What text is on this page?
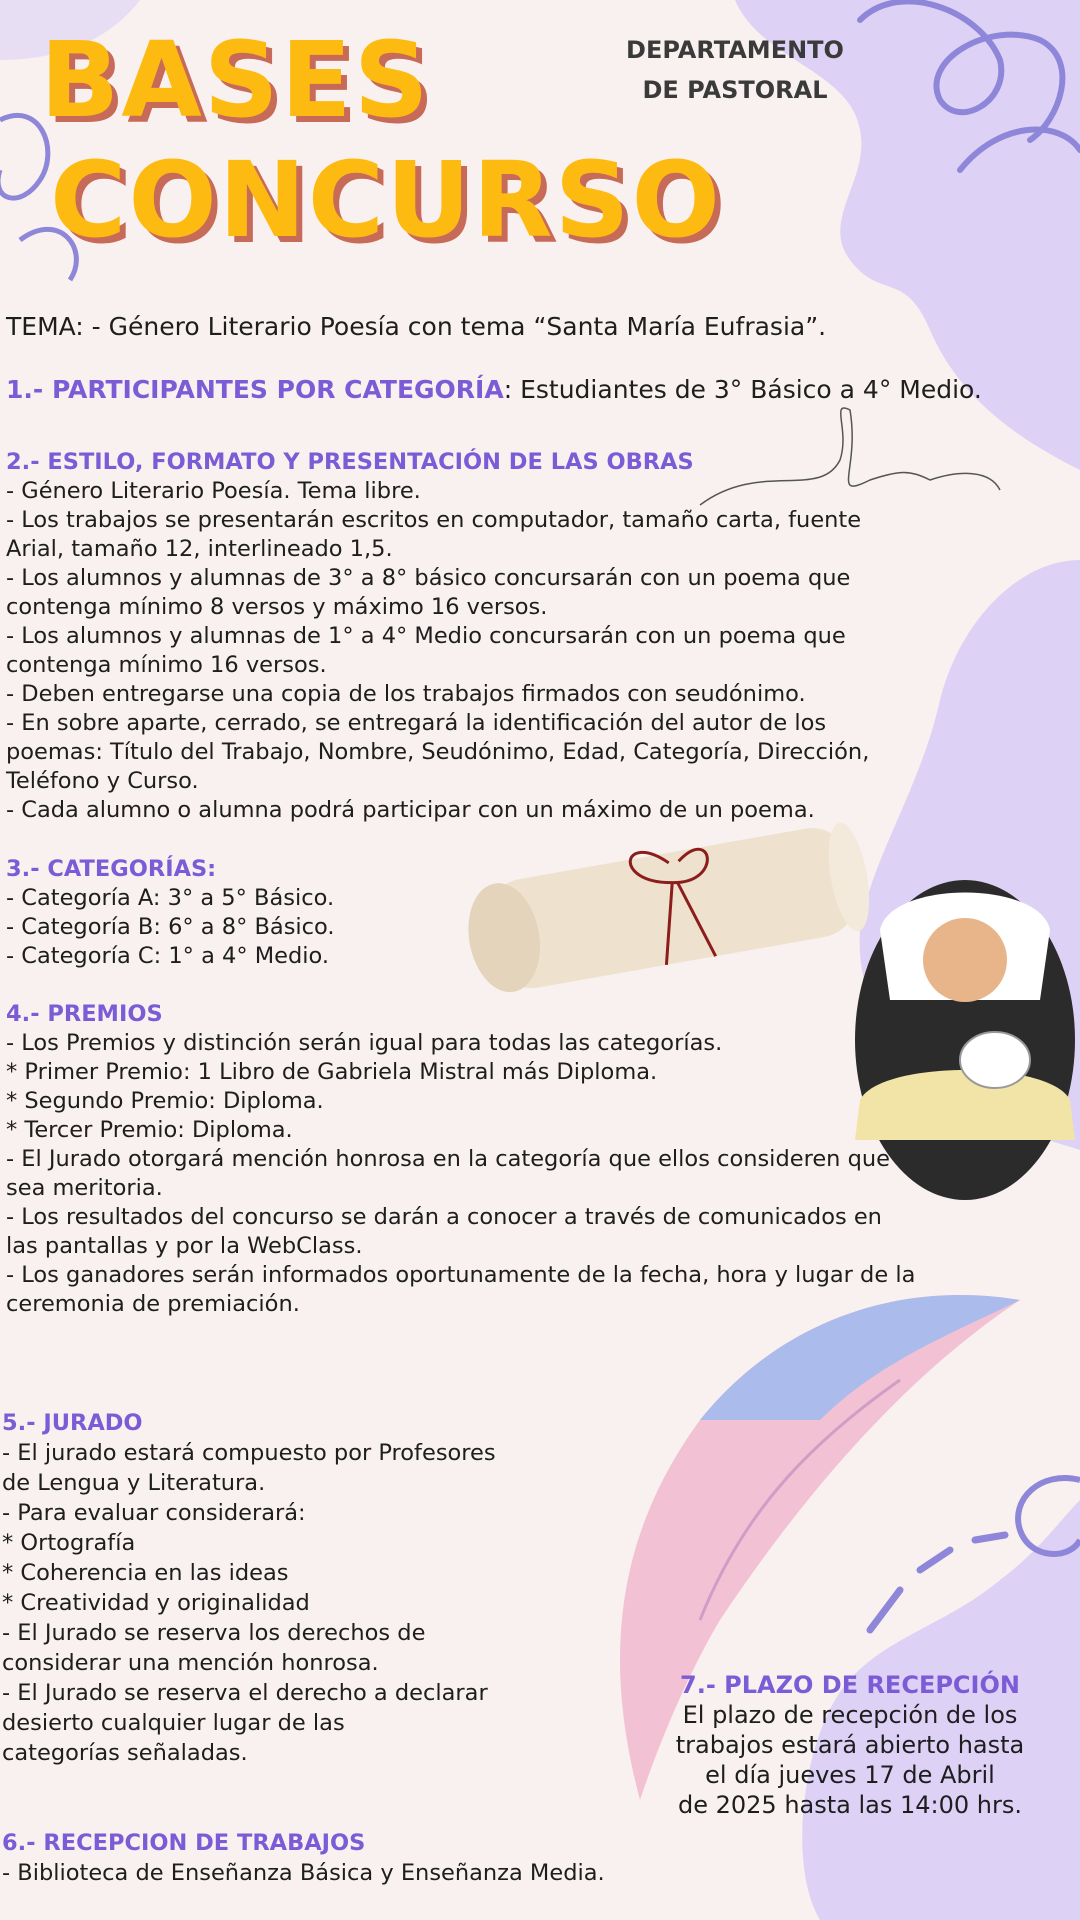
BASES
CONCURSO
DEPARTAMENTO
DE PASTORAL
TEMA: - Género Literario Poesía con tema “Santa María Eufrasia”.
1.- PARTICIPANTES POR CATEGORÍA: Estudiantes de 3° Básico a 4° Medio.
2.- ESTILO, FORMATO Y PRESENTACIÓN DE LAS OBRAS
- Género Literario Poesía. Tema libre.
- Los trabajos se presentarán escritos en computador, tamaño carta, fuente
Arial, tamaño 12, interlineado 1,5.
- Los alumnos y alumnas de 3° a 8° básico concursarán con un poema que
contenga mínimo 8 versos y máximo 16 versos.
- Los alumnos y alumnas de 1° a 4° Medio concursarán con un poema que
contenga mínimo 16 versos.
- Deben entregarse una copia de los trabajos firmados con seudónimo.
- En sobre aparte, cerrado, se entregará la identificación del autor de los
poemas: Título del Trabajo, Nombre, Seudónimo, Edad, Categoría, Dirección,
Teléfono y Curso.
- Cada alumno o alumna podrá participar con un máximo de un poema.
3.- CATEGORÍAS:
- Categoría A: 3° a 5° Básico.
- Categoría B: 6° a 8° Básico.
- Categoría C: 1° a 4° Medio.
4.- PREMIOS
- Los Premios y distinción serán igual para todas las categorías.
* Primer Premio: 1 Libro de Gabriela Mistral más Diploma.
* Segundo Premio: Diploma.
* Tercer Premio: Diploma.
- El Jurado otorgará mención honrosa en la categoría que ellos consideren que
sea meritoria.
- Los resultados del concurso se darán a conocer a través de comunicados en
las pantallas y por la WebClass.
- Los ganadores serán informados oportunamente de la fecha, hora y lugar de la
ceremonia de premiación.
5.- JURADO
- El jurado estará compuesto por Profesores
de Lengua y Literatura.
- Para evaluar considerará:
* Ortografía
* Coherencia en las ideas
* Creatividad y originalidad
- El Jurado se reserva los derechos de
considerar una mención honrosa.
- El Jurado se reserva el derecho a declarar
desierto cualquier lugar de las
categorías señaladas.
7.- PLAZO DE RECEPCIÓN
El plazo de recepción de los
trabajos estará abierto hasta
el día jueves 17 de Abril
de 2025 hasta las 14:00 hrs.
6.- RECEPCION DE TRABAJOS
- Biblioteca de Enseñanza Básica y Enseñanza Media.
